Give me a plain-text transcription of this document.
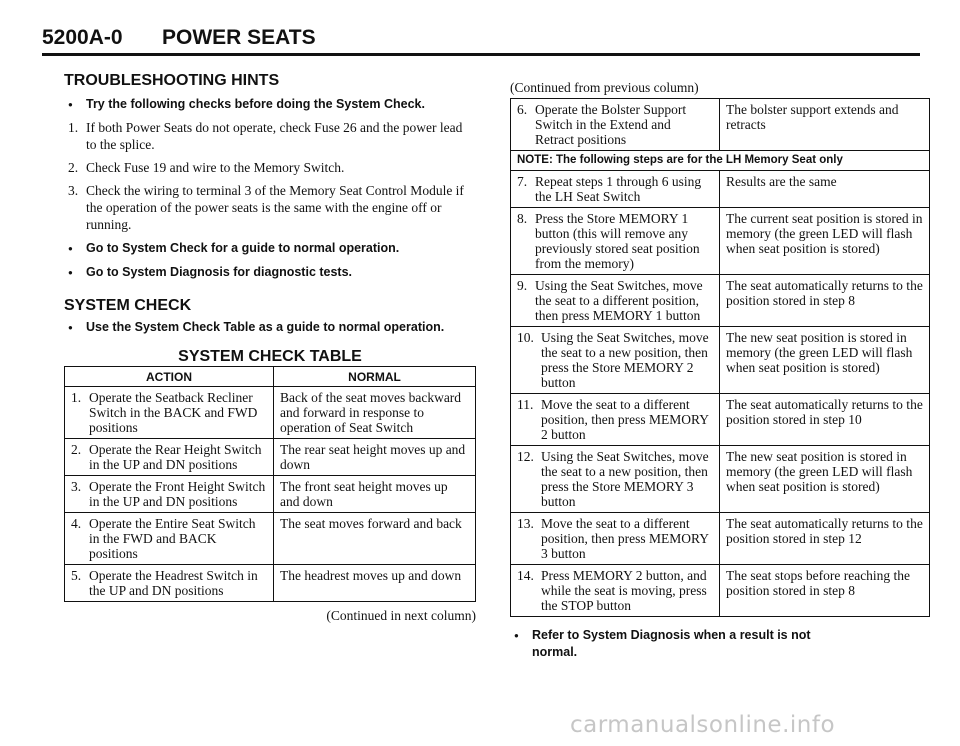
5200A-0 POWER SEATS
TROUBLESHOOTING HINTS

● Try the following checks before doing the System Check.

1. If both Power Seats do not operate, check Fuse 26 and the power lead to the splice.

2. Check Fuse 19 and wire to the Memory Switch.

3. Check the wiring to terminal 3 of the Memory Seat Control Module if the operation of the power seats is the same with the engine off or running.

● Go to System Check for a guide to normal operation.

● Go to System Diagnosis for diagnostic tests.

SYSTEM CHECK

● Use the System Check Table as a guide to normal operation.

SYSTEM CHECK TABLE

ACTION	NORMAL

1. Operate the Seatback Recliner Switch in the BACK and FWD positions	Back of the seat moves backward and forward in response to operation of Seat Switch

2. Operate the Rear Height Switch in the UP and DN positions	The rear seat height moves up and down

3. Operate the Front Height Switch in the UP and DN positions	The front seat height moves up and down

4. Operate the Entire Seat Switch in the FWD and BACK positions	The seat moves forward and back

5. Operate the Headrest Switch in the UP and DN positions	The headrest moves up and down

(Continued in next column)

(Continued from previous column)

6. Operate the Bolster Support Switch in the Extend and Retract positions	The bolster support extends and retracts
NOTE: The following steps are for the LH Memory Seat only	

7. Repeat steps 1 through 6 using the LH Seat Switch	Results are the same

8. Press the Store MEMORY 1 button (this will remove any previously stored seat position from the memory)	The current seat position is stored in memory (the green LED will flash when seat position is stored)

9. Using the Seat Switches, move the seat to a different position, then press MEMORY 1 button	The seat automatically returns to the position stored in step 8

10. Using the Seat Switches, move the seat to a new position, then press the Store MEMORY 2 button	The new seat position is stored in memory (the green LED will flash when seat position is stored)

11. Move the seat to a different position, then press MEMORY 2 button	The seat automatically returns to the position stored in step 10

12. Using the Seat Switches, move the seat to a new position, then press the Store MEMORY 3 button	The new seat position is stored in memory (the green LED will flash when seat position is stored)

13. Move the seat to a different position, then press MEMORY 3 button	The seat automatically returns to the position stored in step 12

14. Press MEMORY 2 button, and while the seat is moving, press the STOP button	The seat stops before reaching the position stored in step 8

● Refer to System Diagnosis when a result is not normal.

carmanualsonline.info
